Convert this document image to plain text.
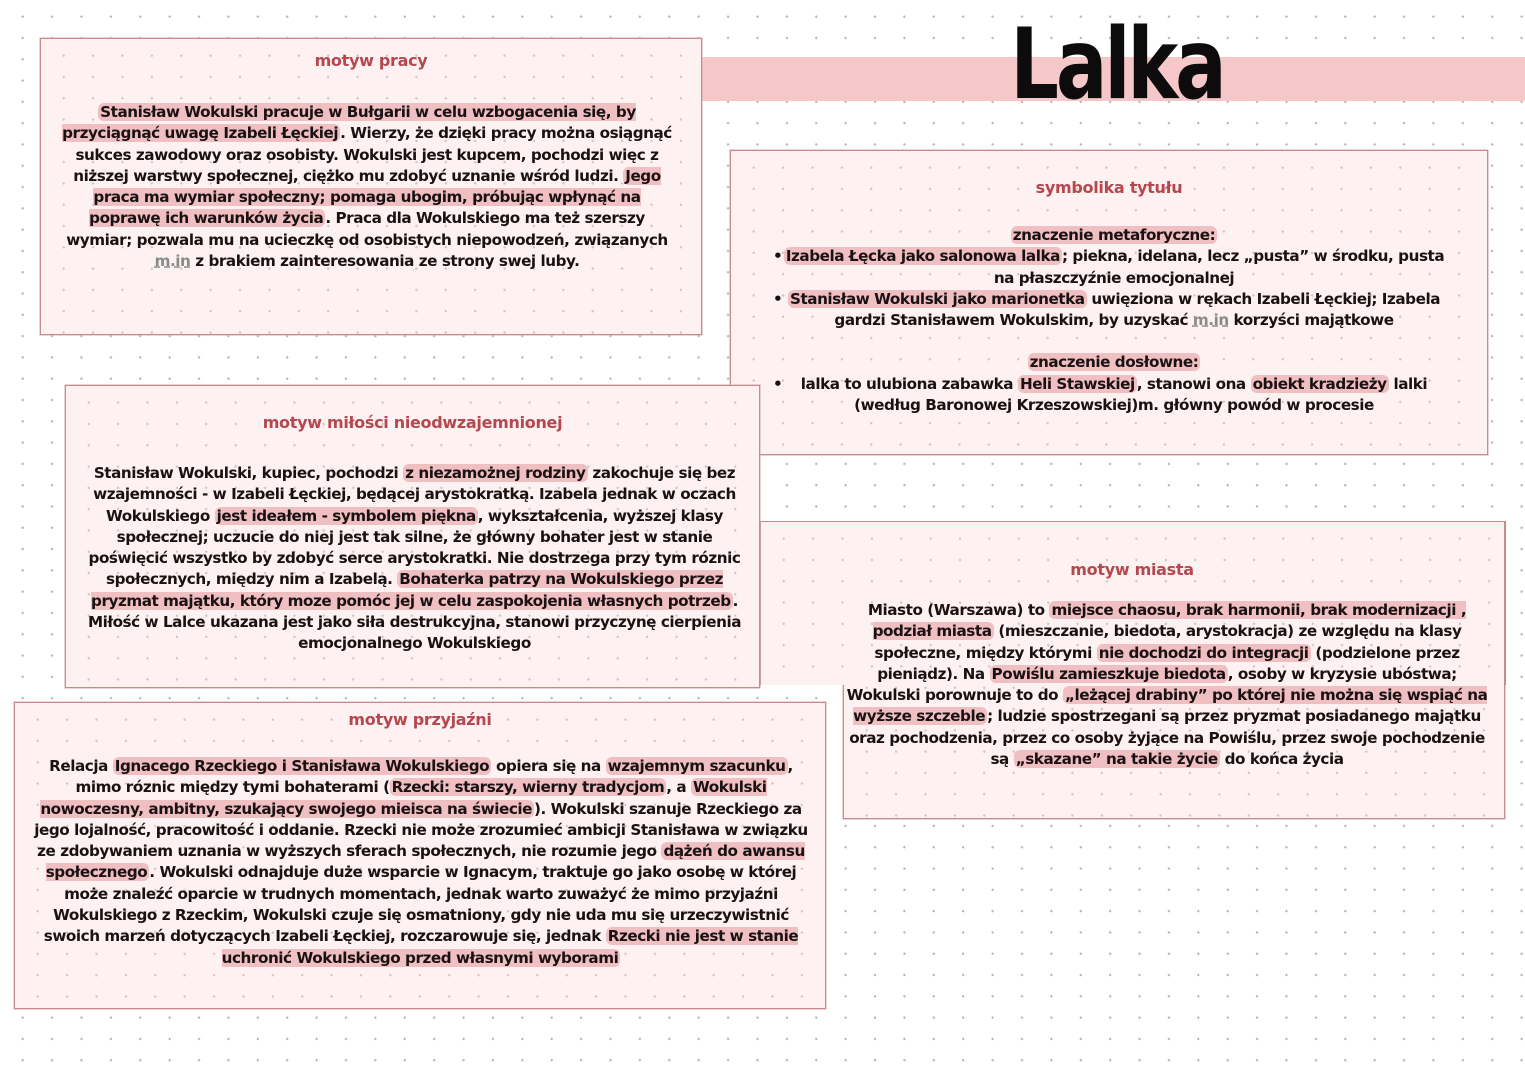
Lalka
motyw pracy

Stanisław Wokulski pracuje w Bułgarii w celu wzbogacenia się, by przyciągnąć uwagę Izabeli Łęckiej . Wierzy, że dzięki pracy można osiągnąć sukces zawodowy oraz osobisty. Wokulski jest kupcem, pochodzi więc z niższej warstwy społecznej, ciężko mu zdobyć uznanie wśród ludzi. Jego praca ma wymiar społeczny; pomaga ubogim, próbując wpłynąć na poprawę ich warunków życia . Praca dla Wokulskiego ma też szerszy wymiar; pozwala mu na ucieczkę od osobistych niepowodzeń, związanych m.in z brakiem zainteresowania ze strony swej luby.

symbolika tytułu
znaczenie metaforyczne:
• Izabela Łęcka jako salonowa lalka ; piekna, idelana, lecz „pusta” w środku, pusta na płaszczyźnie emocjonalnej
• Stanisław Wokulski jako marionetka uwięziona w rękach Izabeli Łęckiej; Izabela gardzi Stanisławem Wokulskim, by uzyskać m.in korzyści majątkowe
znaczenie dosłowne:
• lalka to ulubiona zabawka Heli Stawskiej , stanowi ona obiekt kradzieży lalki (według Baronowej Krzeszowskiej)m. główny powód w procesie
motyw miasta

Miasto (Warszawa) to miejsce chaosu, brak harmonii, brak modernizacji , podział miasta (mieszczanie, biedota, arystokracja) ze względu na klasy społeczne, między którymi nie dochodzi do integracji (podzielone przez pieniądz). Na Powiślu zamieszkuje biedota , osoby w kryzysie ubóstwa; Wokulski porownuje to do „leżącej drabiny” po której nie można się wspiąć na wyższe szczeble ; ludzie spostrzegani są przez pryzmat posiadanego majątku oraz pochodzenia, przez co osoby żyjące na Powiślu, przez swoje pochodzenie są „skazane” na takie życie do końca życia

motyw miłości nieodwzajemnionej

Stanisław Wokulski, kupiec, pochodzi z niezamożnej rodziny zakochuje się bez wzajemności - w Izabeli Łęckiej, będącej arystokratką. Izabela jednak w oczach Wokulskiego jest ideałem - symbolem piękna , wykształcenia, wyższej klasy społecznej; uczucie do niej jest tak silne, że główny bohater jest w stanie poświęcić wszystko by zdobyć serce arystokratki. Nie dostrzega przy tym róznic społecznych, między nim a Izabelą. Bohaterka patrzy na Wokulskiego przez pryzmat majątku, który moze pomóc jej w celu zaspokojenia własnych potrzeb . Miłość w Lalce ukazana jest jako siła destrukcyjna, stanowi przyczynę cierpienia emocjonalnego Wokulskiego

motyw przyjaźni

Relacja Ignacego Rzeckiego i Stanisława Wokulskiego opiera się na wzajemnym szacunku , mimo róznic między tymi bohaterami ( Rzecki: starszy, wierny tradycjom , a Wokulski nowoczesny, ambitny, szukający swojego mieisca na świecie ). Wokulski szanuje Rzeckiego za jego lojalność, pracowitość i oddanie. Rzecki nie może zrozumieć ambicji Stanisława w związku ze zdobywaniem uznania w wyższych sferach społecznych, nie rozumie jego dążeń do awansu społecznego . Wokulski odnajduje duże wsparcie w Ignacym, traktuje go jako osobę w której może znaleźć oparcie w trudnych momentach, jednak warto zuważyć że mimo przyjaźni Wokulskiego z Rzeckim, Wokulski czuje się osmatniony, gdy nie uda mu się urzeczywistnić swoich marzeń dotyczących Izabeli Łęckiej, rozczarowuje się, jednak Rzecki nie jest w stanie uchronić Wokulskiego przed własnymi wyborami
